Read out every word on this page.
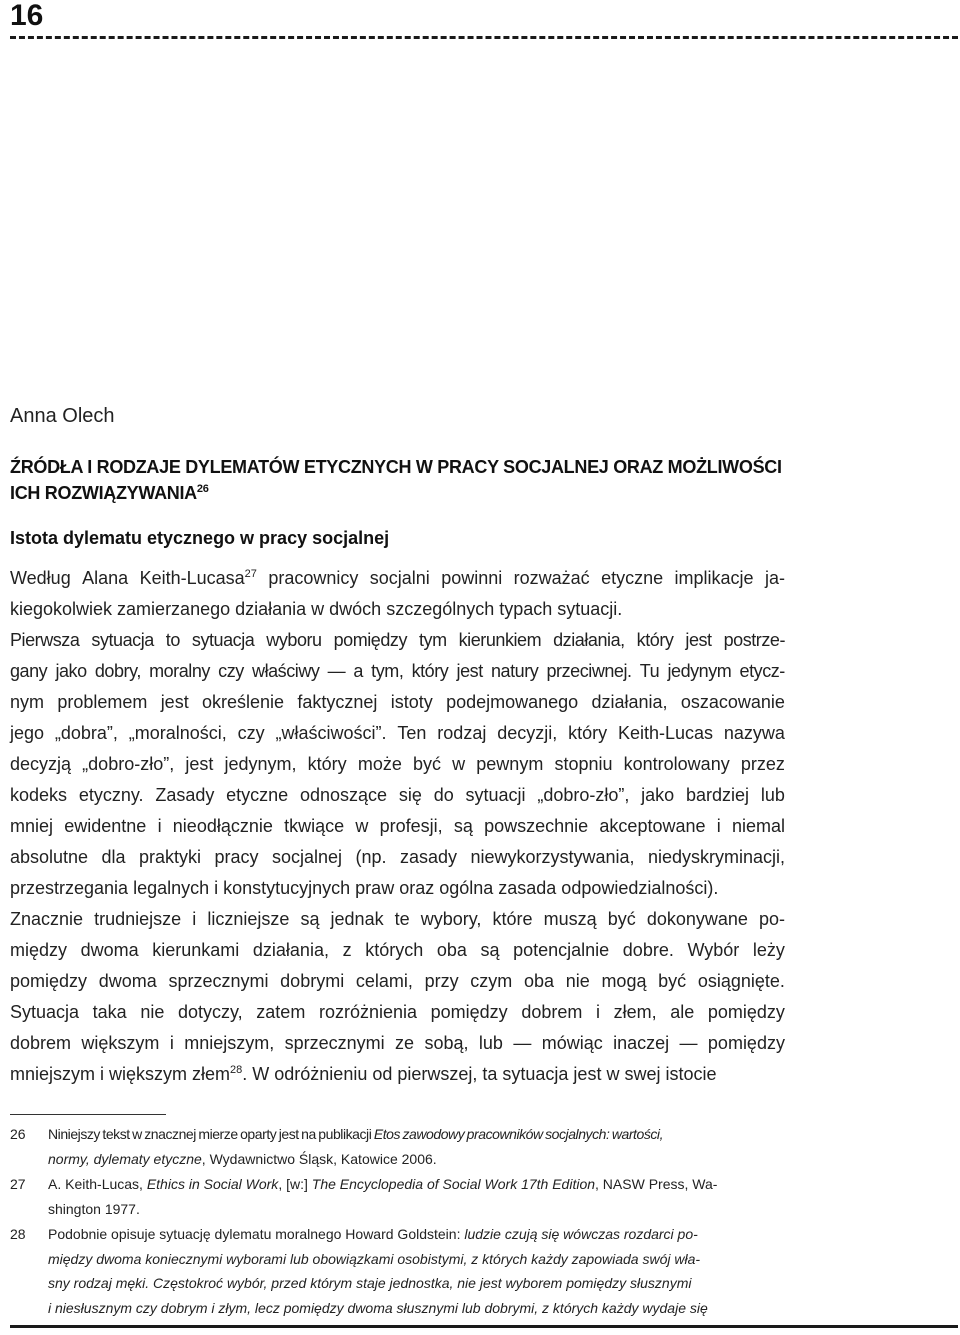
16
Anna Olech
ŹRÓDŁA I RODZAJE DYLEMATÓW ETYCZNYCH W PRACY SOCJALNEJ ORAZ MOŻLIWOŚCI
ICH ROZWIĄZYWANIA$^{26}$
Istota dylematu etycznego w pracy socjalnej
Według Alana Keith-Lucasa$^{27}$ pracownicy socjalni powinni rozważać etyczne implikacje ja-
kiegokolwiek zamierzanego działania w dwóch szczególnych typach sytuacji.
Pierwsza sytuacja to sytuacja wyboru pomiędzy tym kierunkiem działania, który jest postrze-
gany jako dobry, moralny czy właściwy — a tym, który jest natury przeciwnej. Tu jedynym etycz-
nym problemem jest określenie faktycznej istoty podejmowanego działania, oszacowanie
jego „dobra”, „moralności, czy „właściwości”. Ten rodzaj decyzji, który Keith-Lucas nazywa
decyzją „dobro-zło”, jest jedynym, który może być w pewnym stopniu kontrolowany przez
kodeks etyczny. Zasady etyczne odnoszące się do sytuacji „dobro-zło”, jako bardziej lub
mniej ewidentne i nieodłącznie tkwiące w profesji, są powszechnie akceptowane i niemal
absolutne dla praktyki pracy socjalnej (np. zasady niewykorzystywania, niedyskryminacji,
przestrzegania legalnych i konstytucyjnych praw oraz ogólna zasada odpowiedzialności).
Znacznie trudniejsze i liczniejsze są jednak te wybory, które muszą być dokonywane po-
między dwoma kierunkami działania, z których oba są potencjalnie dobre. Wybór leży
pomiędzy dwoma sprzecznymi dobrymi celami, przy czym oba nie mogą być osiągnięte.
Sytuacja taka nie dotyczy, zatem rozróżnienia pomiędzy dobrem i złem, ale pomiędzy
dobrem większym i mniejszym, sprzecznymi ze sobą, lub — mówiąc inaczej — pomiędzy
mniejszym i większym złem$^{28}$. W odróżnieniu od pierwszej, ta sytuacja jest w swej istocie
26 Niniejszy tekst w znacznej mierze oparty jest na publikacji Etos zawodowy pracowników socjalnych: wartości,
normy, dylematy etyczne, Wydawnictwo Śląsk, Katowice 2006.
27 A. Keith-Lucas, Ethics in Social Work, [w:] The Encyclopedia of Social Work 17th Edition, NASW Press, Wa-
shington 1977.
28 Podobnie opisuje sytuację dylematu moralnego Howard Goldstein: ludzie czują się wówczas rozdarci po-
między dwoma koniecznymi wyborami lub obowiązkami osobistymi, z których każdy zapowiada swój wła-
sny rodzaj męki. Częstokroć wybór, przed którym staje jednostka, nie jest wyborem pomiędzy słusznymi
i niesłusznym czy dobrym i złym, lecz pomiędzy dwoma słusznymi lub dobrymi, z których każdy wydaje się
